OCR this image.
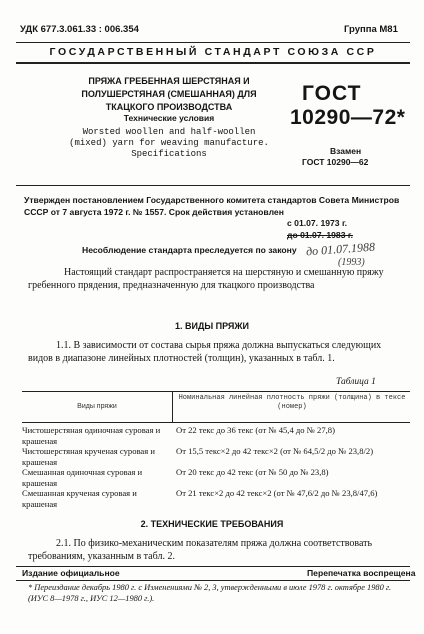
УДК 677.3.061.33 : 006.354	Группа М81
ГОСУДАРСТВЕННЫЙ СТАНДАРТ СОЮЗА ССР
ПРЯЖА ГРЕБЕННАЯ ШЕРСТЯНАЯ И ПОЛУШЕРСТЯНАЯ (СМЕШАННАЯ) ДЛЯ ТКАЦКОГО ПРОИЗВОДСТВА
Технические условия
Worsted woollen and half-woollen (mixed) yarn for weaving manufacture. Specifications
ГОСТ
10290—72*
Взамен
ГОСТ 10290—62
Утвержден постановлением Государственного комитета стандартов Совета Министров СССР от 7 августа 1972 г. № 1557. Срок действия установлен
с 01.07. 1973 г.
до 01.07. 1983 г.
Несоблюдение стандарта преследуется по закону до 01.07.1988
(1993)
Настоящий стандарт распространяется на шерстяную и смешанную пряжу гребенного прядения, предназначенную для ткацкого производства
1. ВИДЫ ПРЯЖИ
1.1. В зависимости от состава сырья пряжа должна выпускаться следующих видов в диапазоне линейных плотностей (толщин), указанных в табл. 1.
Таблица 1
Виды пряжи
Номинальная линейная плотность пряжи (толщина) в тексе (номер)
Чистошерстяная одиночная суровая и крашеная
От 22 текс до 36 текс (от № 45,4 до № 27,8)
Чистошерстяная крученая суровая и крашеная
От 15,5 текс×2 до 42 текс×2 (от № 64,5/2 до № 23,8/2)
Смешанная одиночная суровая и крашеная
От 20 текс до 42 текс (от № 50 до № 23,8)
Смешанная крученая суровая и крашеная
От 21 текс×2 до 42 текс×2 (от № 47,6/2 до № 23,8/47,6)
2. ТЕХНИЧЕСКИЕ ТРЕБОВАНИЯ
2.1. По физико-механическим показателям пряжа должна соответствовать требованиям, указанным в табл. 2.
Издание официальное	Перепечатка воспрещена
* Переиздание декабрь 1980 г. с Изменениями № 2, 3, утвержденными в июле 1978 г. октябре 1980 г. (ИУС 8—1978 г., ИУС 12—1980 г.).
